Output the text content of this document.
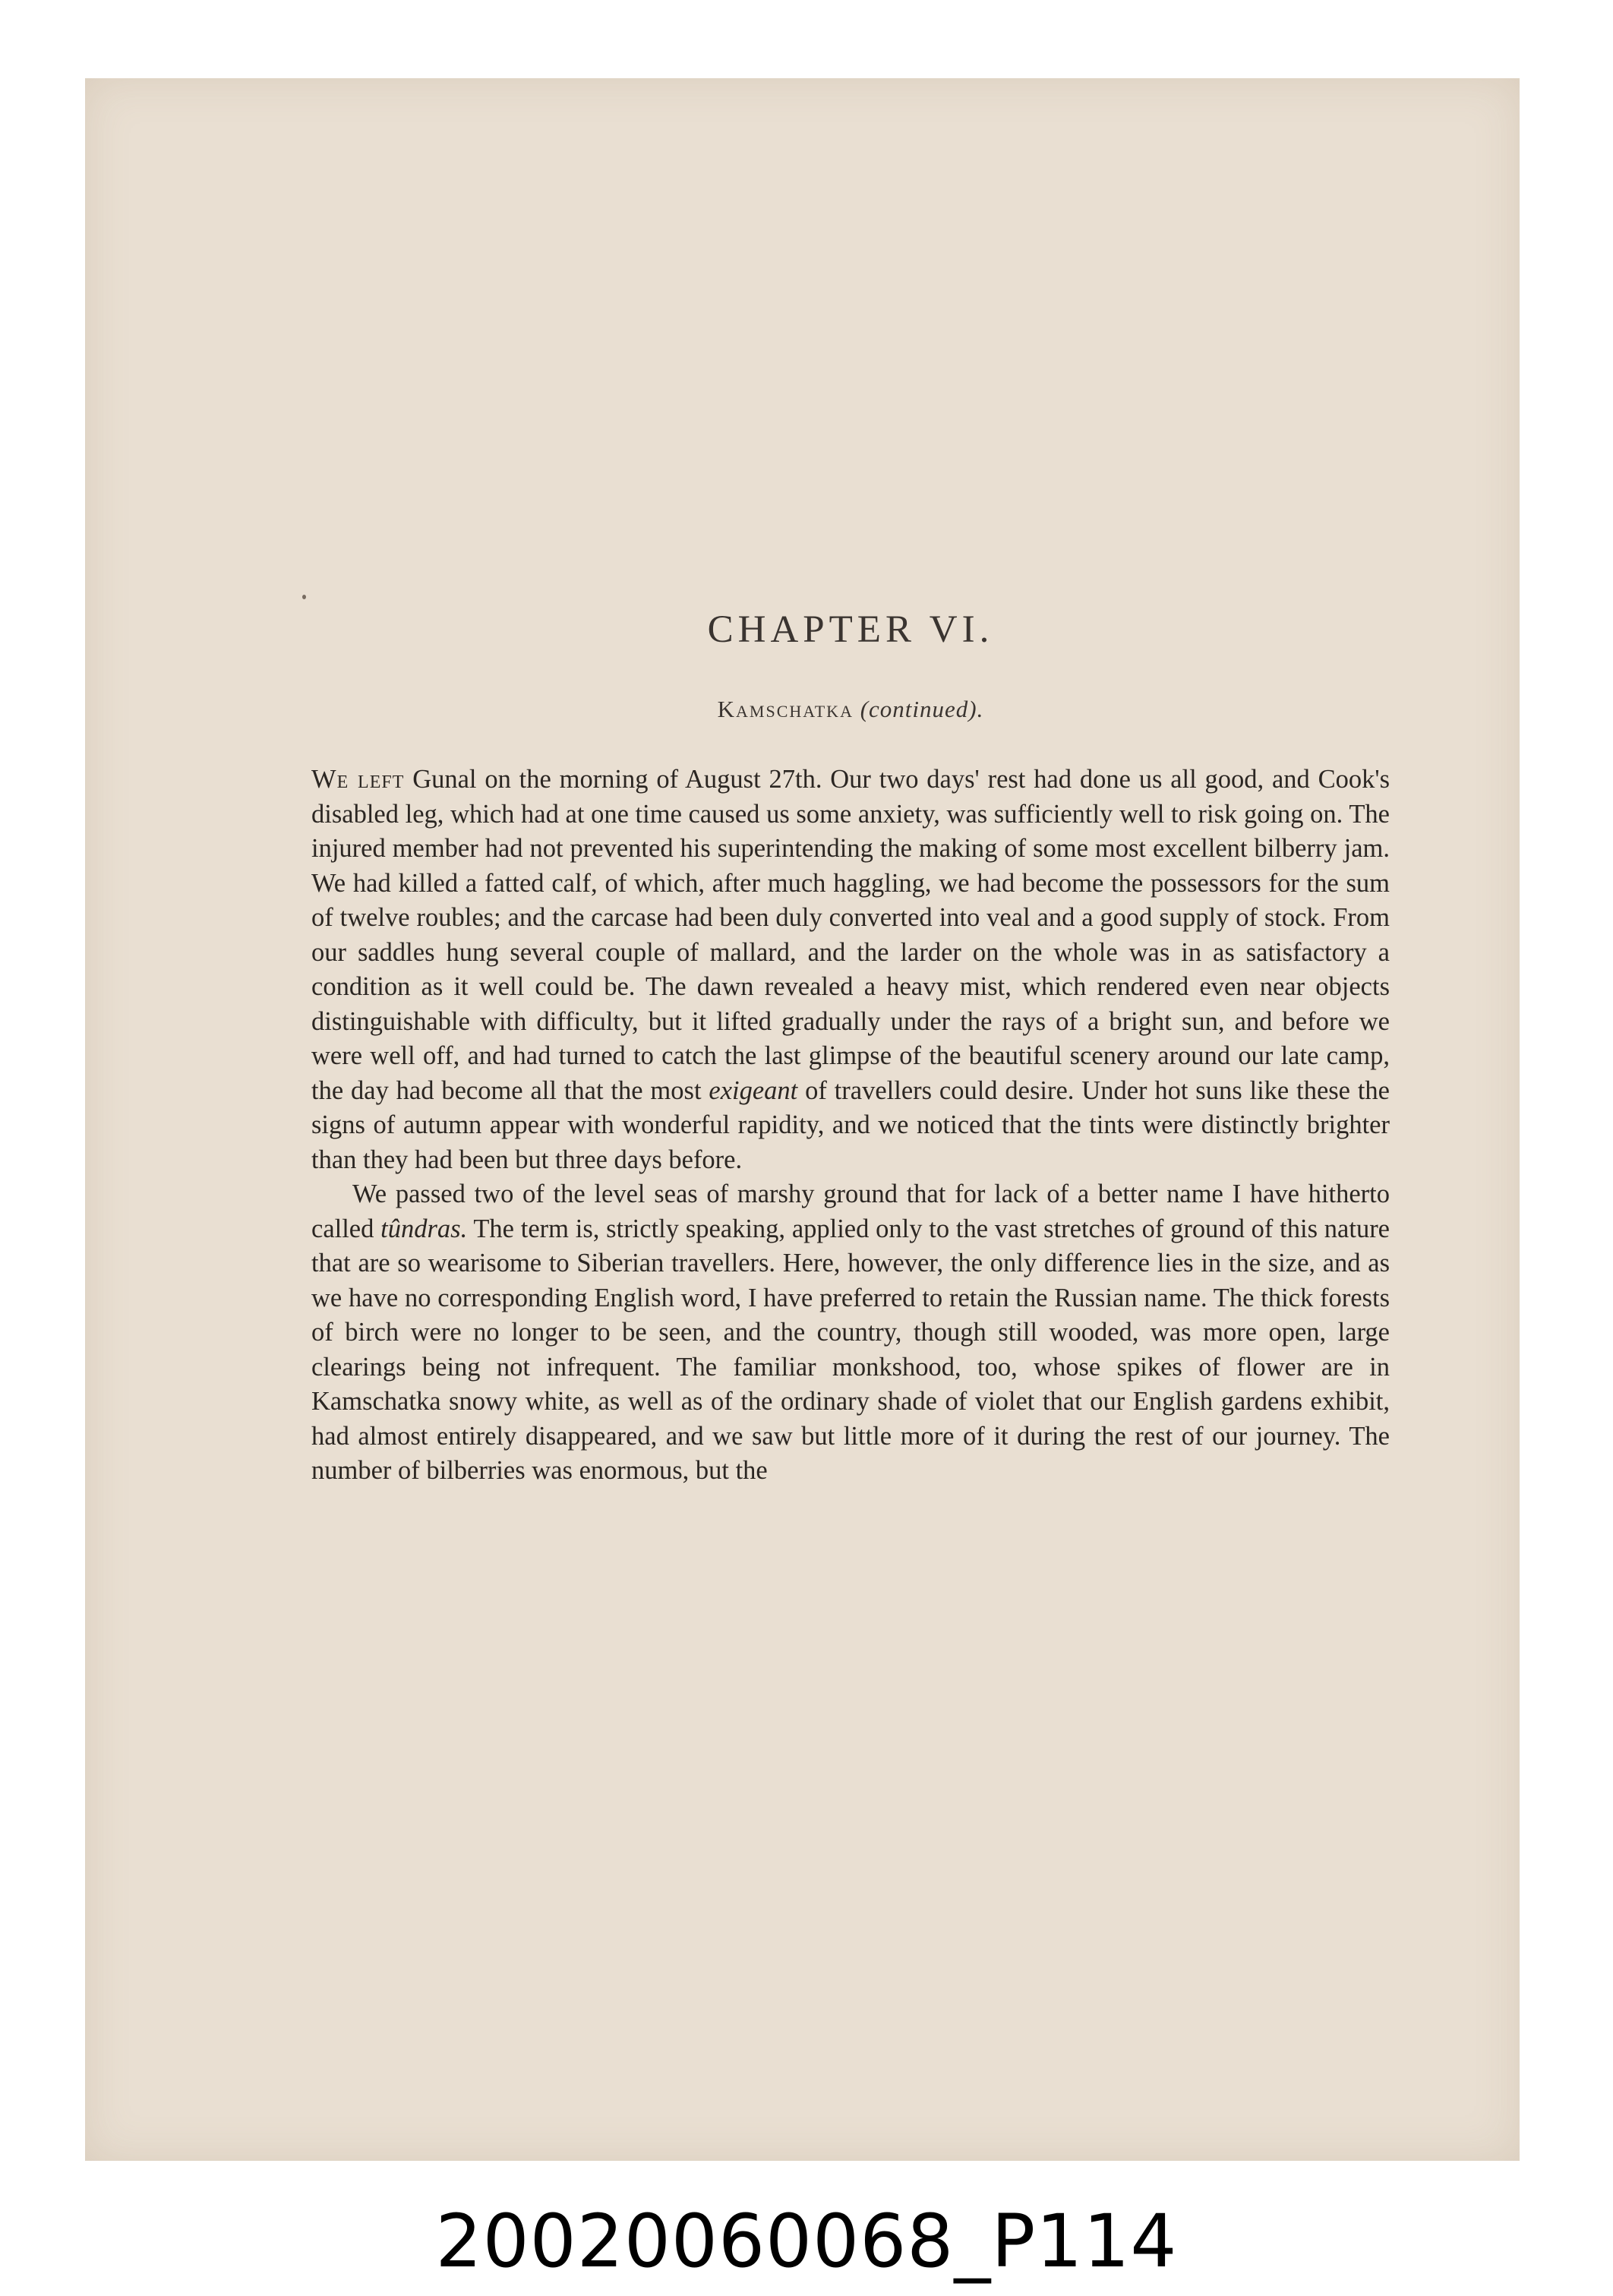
CHAPTER VI.
Kamschatka (continued).

We left Gunal on the morning of August 27th. Our two days' rest had done us all good, and Cook's disabled leg, which had at one time caused us some anxiety, was sufficiently well to risk going on. The injured member had not prevented his superintending the making of some most excellent bilberry jam. We had killed a fatted calf, of which, after much haggling, we had become the possessors for the sum of twelve roubles; and the carcase had been duly converted into veal and a good supply of stock. From our saddles hung several couple of mallard, and the larder on the whole was in as satisfactory a condition as it well could be. The dawn revealed a heavy mist, which rendered even near objects distinguishable with difficulty, but it lifted gradually under the rays of a bright sun, and before we were well off, and had turned to catch the last glimpse of the beautiful scenery around our late camp, the day had become all that the most exigeant of travellers could desire. Under hot suns like these the signs of autumn appear with wonderful rapidity, and we noticed that the tints were distinctly brighter than they had been but three days before.

We passed two of the level seas of marshy ground that for lack of a better name I have hitherto called tûndras. The term is, strictly speaking, applied only to the vast stretches of ground of this nature that are so wearisome to Siberian travellers. Here, however, the only difference lies in the size, and as we have no corresponding English word, I have preferred to retain the Russian name. The thick forests of birch were no longer to be seen, and the country, though still wooded, was more open, large clearings being not infrequent. The familiar monkshood, too, whose spikes of flower are in Kamschatka snowy white, as well as of the ordinary shade of violet that our English gardens exhibit, had almost entirely disappeared, and we saw but little more of it during the rest of our journey. The number of bilberries was enormous, but the

20020060068_P114
